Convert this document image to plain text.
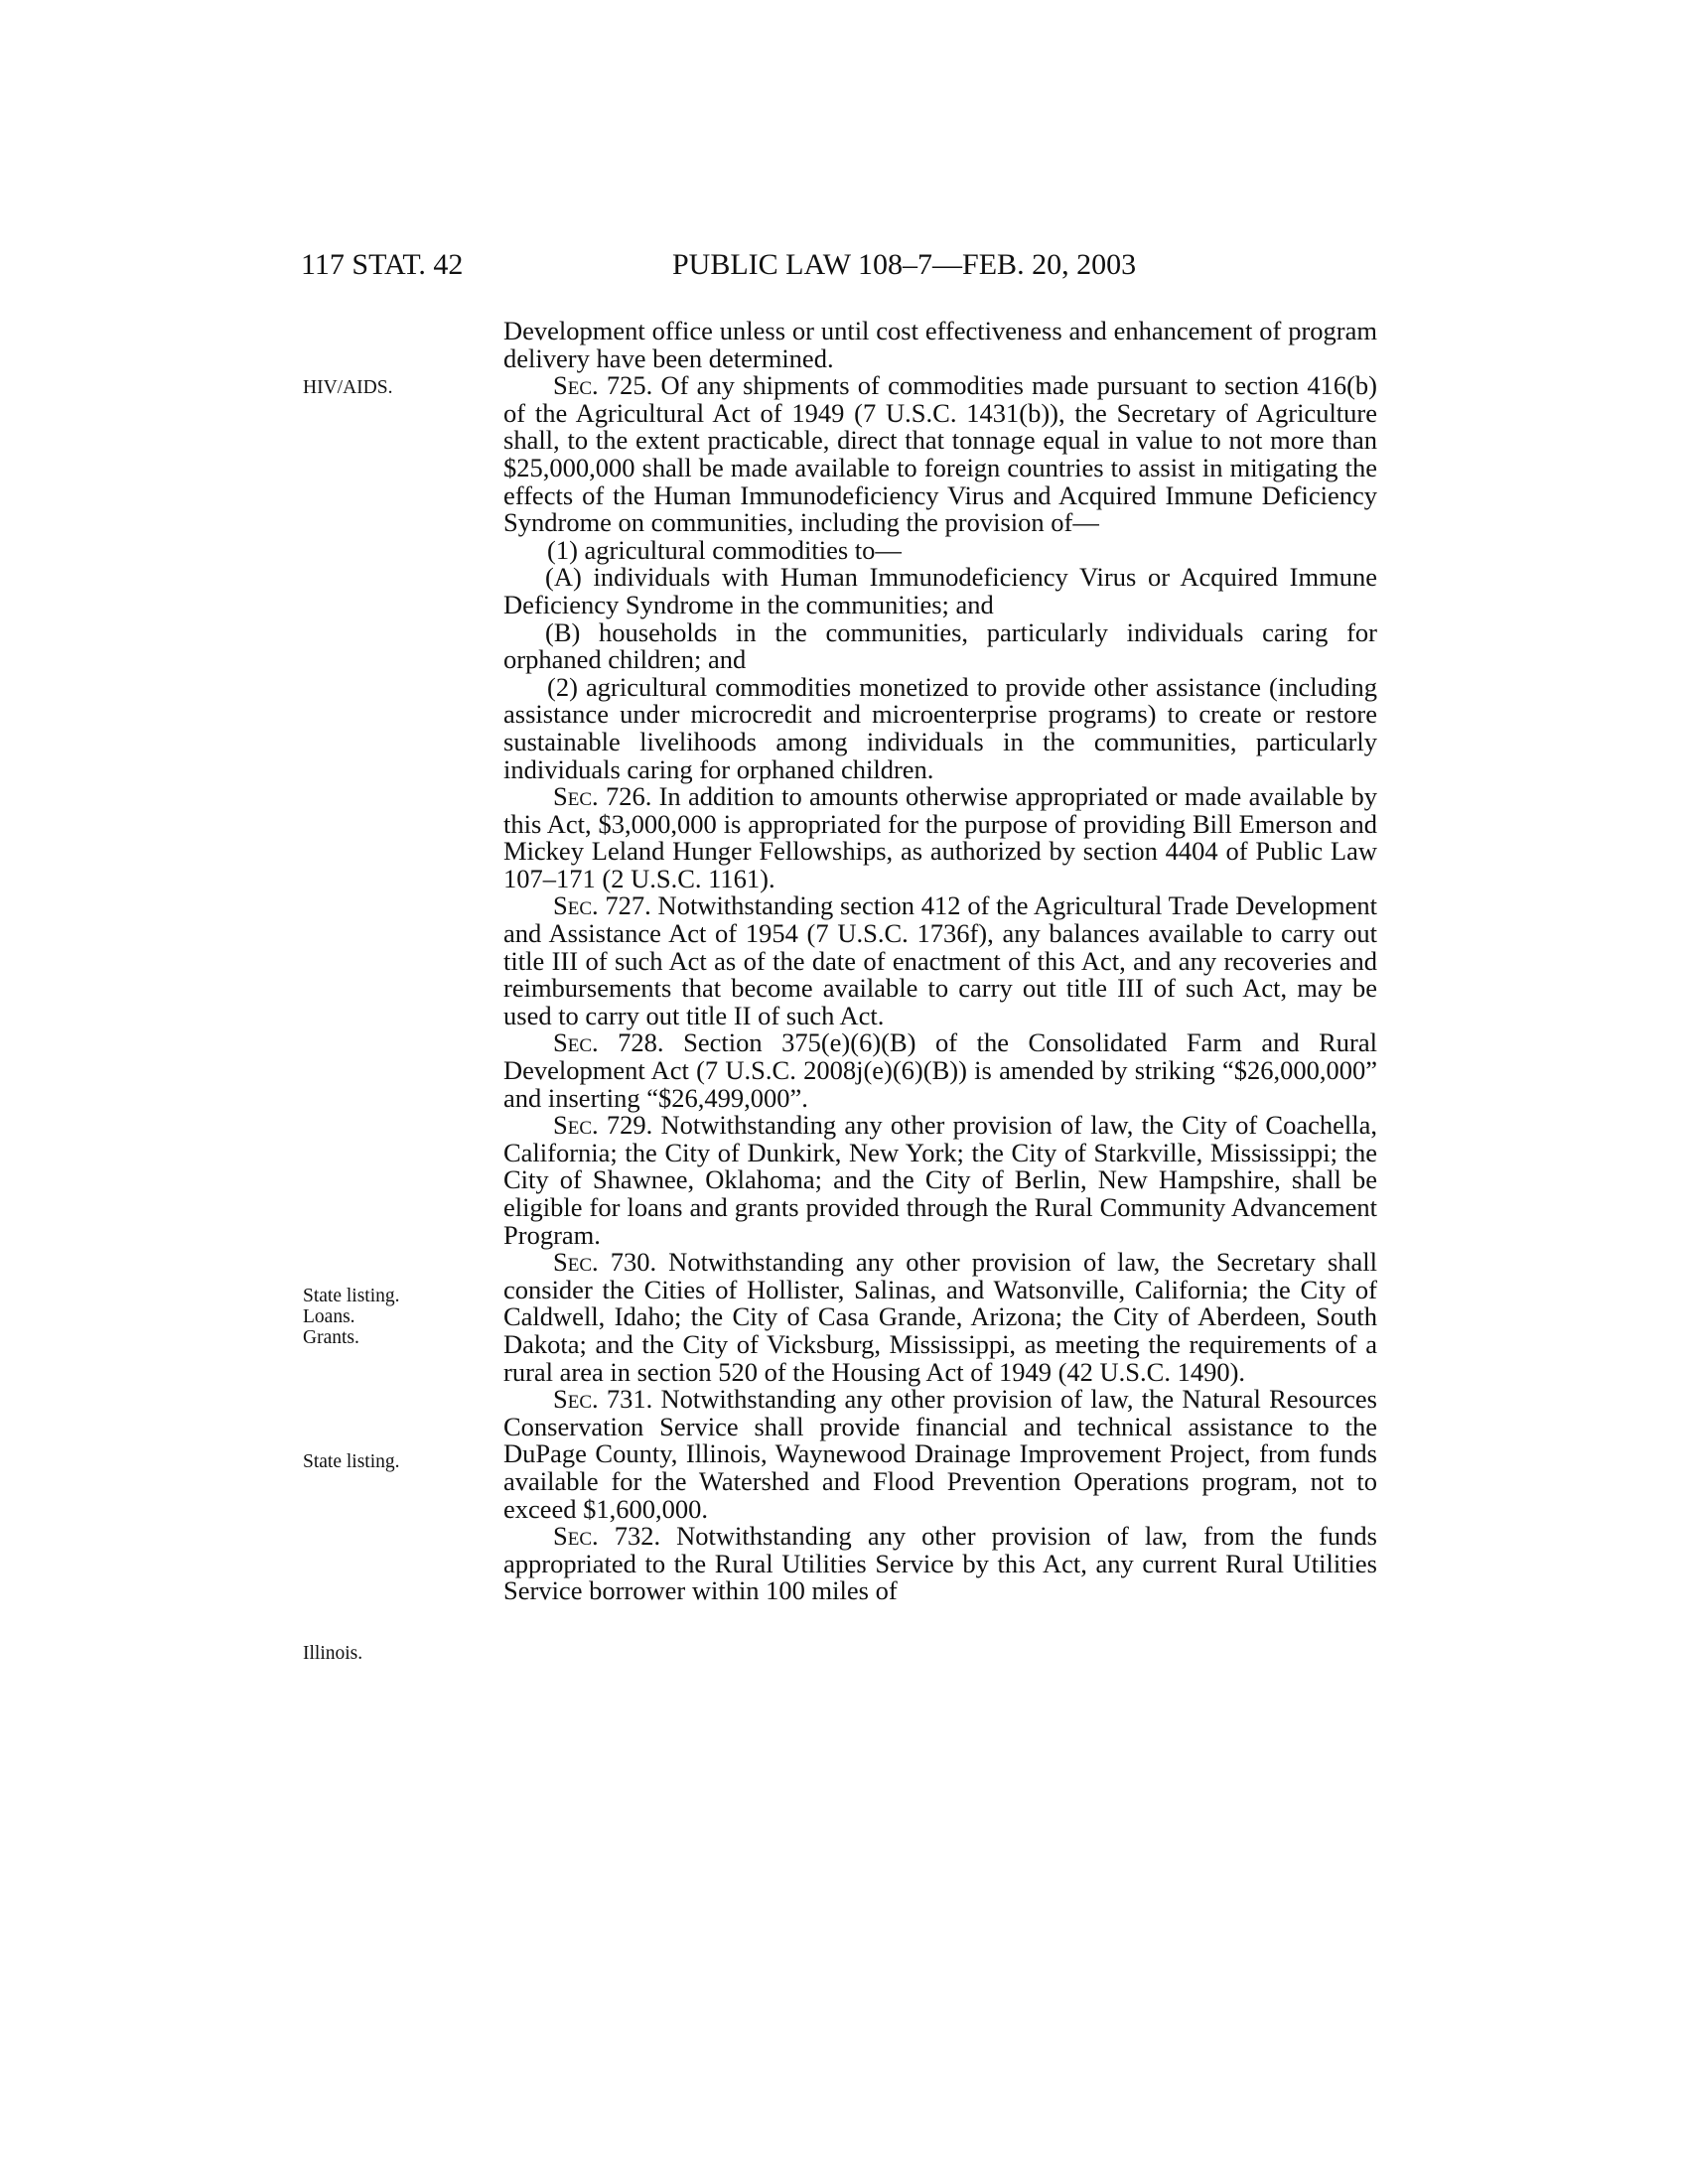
117 STAT. 42	PUBLIC LAW 108–7—FEB. 20, 2003
HIV/AIDS.
State listing.
Loans.
Grants.
State listing.
Illinois.

Development office unless or until cost effectiveness and enhancement of program delivery have been determined.

Sec. 725. Of any shipments of commodities made pursuant to section 416(b) of the Agricultural Act of 1949 (7 U.S.C. 1431(b)), the Secretary of Agriculture shall, to the extent practicable, direct that tonnage equal in value to not more than $25,000,000 shall be made available to foreign countries to assist in mitigating the effects of the Human Immunodeficiency Virus and Acquired Immune Deficiency Syndrome on communities, including the provision of—

(1) agricultural commodities to—

(A) individuals with Human Immunodeficiency Virus or Acquired Immune Deficiency Syndrome in the communities; and

(B) households in the communities, particularly individuals caring for orphaned children; and

(2) agricultural commodities monetized to provide other assistance (including assistance under microcredit and microenterprise programs) to create or restore sustainable livelihoods among individuals in the communities, particularly individuals caring for orphaned children.

Sec. 726. In addition to amounts otherwise appropriated or made available by this Act, $3,000,000 is appropriated for the purpose of providing Bill Emerson and Mickey Leland Hunger Fellowships, as authorized by section 4404 of Public Law 107–171 (2 U.S.C. 1161).

Sec. 727. Notwithstanding section 412 of the Agricultural Trade Development and Assistance Act of 1954 (7 U.S.C. 1736f), any balances available to carry out title III of such Act as of the date of enactment of this Act, and any recoveries and reimbursements that become available to carry out title III of such Act, may be used to carry out title II of such Act.

Sec. 728. Section 375(e)(6)(B) of the Consolidated Farm and Rural Development Act (7 U.S.C. 2008j(e)(6)(B)) is amended by striking “$26,000,000” and inserting “$26,499,000”.

Sec. 729. Notwithstanding any other provision of law, the City of Coachella, California; the City of Dunkirk, New York; the City of Starkville, Mississippi; the City of Shawnee, Oklahoma; and the City of Berlin, New Hampshire, shall be eligible for loans and grants provided through the Rural Community Advancement Program.

Sec. 730. Notwithstanding any other provision of law, the Secretary shall consider the Cities of Hollister, Salinas, and Watsonville, California; the City of Caldwell, Idaho; the City of Casa Grande, Arizona; the City of Aberdeen, South Dakota; and the City of Vicksburg, Mississippi, as meeting the requirements of a rural area in section 520 of the Housing Act of 1949 (42 U.S.C. 1490).

Sec. 731. Notwithstanding any other provision of law, the Natural Resources Conservation Service shall provide financial and technical assistance to the DuPage County, Illinois, Waynewood Drainage Improvement Project, from funds available for the Watershed and Flood Prevention Operations program, not to exceed $1,600,000.

Sec. 732. Notwithstanding any other provision of law, from the funds appropriated to the Rural Utilities Service by this Act, any current Rural Utilities Service borrower within 100 miles of
